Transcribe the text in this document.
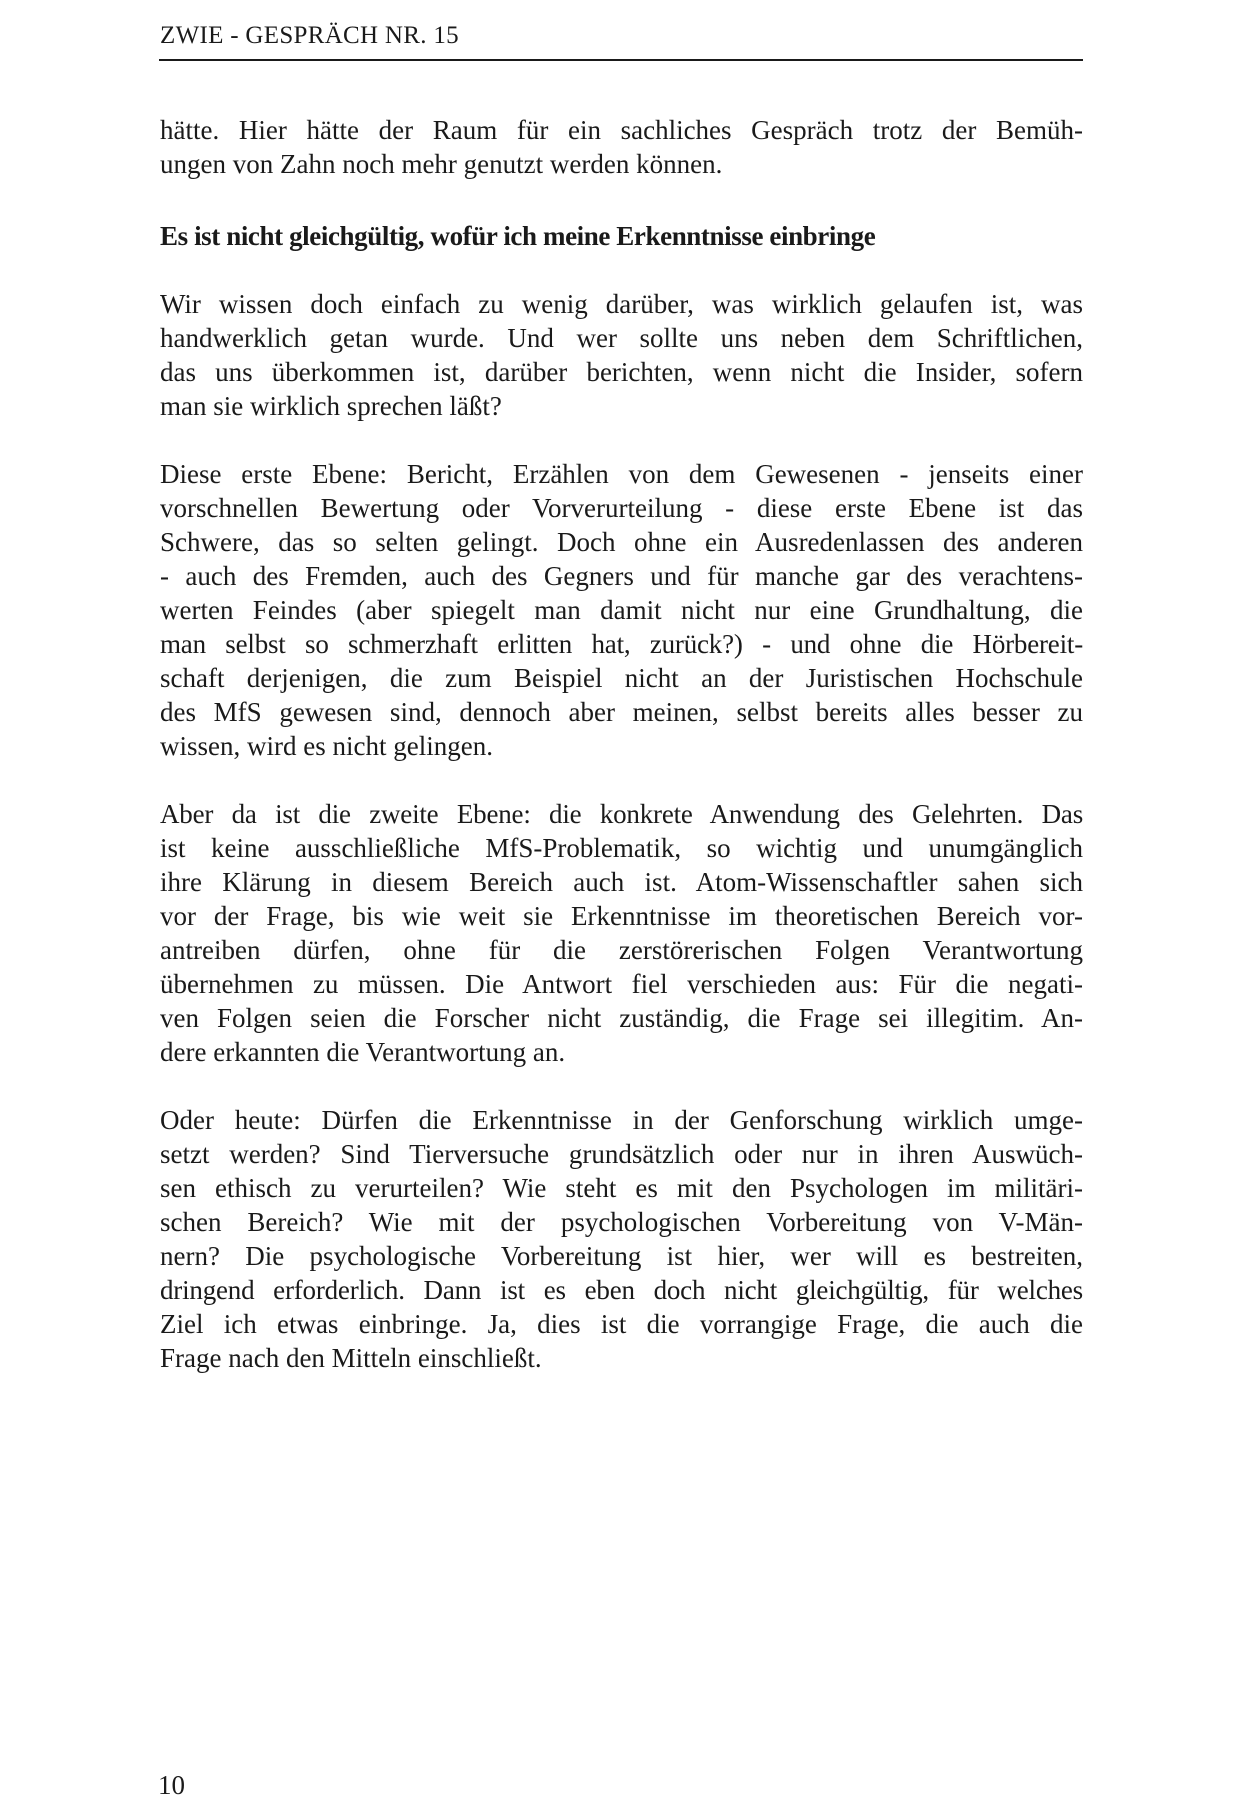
ZWIE - GESPRÄCH NR. 15
hätte. Hier hätte der Raum für ein sachliches Gespräch trotz der Bemüh-
ungen von Zahn noch mehr genutzt werden können.
Es ist nicht gleichgültig, wofür ich meine Erkenntnisse einbringe
Wir wissen doch einfach zu wenig darüber, was wirklich gelaufen ist, was
handwerklich getan wurde. Und wer sollte uns neben dem Schriftlichen,
das uns überkommen ist, darüber berichten, wenn nicht die Insider, sofern
man sie wirklich sprechen läßt?
Diese erste Ebene: Bericht, Erzählen von dem Gewesenen - jenseits einer
vorschnellen Bewertung oder Vorverurteilung - diese erste Ebene ist das
Schwere, das so selten gelingt. Doch ohne ein Ausredenlassen des anderen
- auch des Fremden, auch des Gegners und für manche gar des verachtens-
werten Feindes (aber spiegelt man damit nicht nur eine Grundhaltung, die
man selbst so schmerzhaft erlitten hat, zurück?) - und ohne die Hörbereit-
schaft derjenigen, die zum Beispiel nicht an der Juristischen Hochschule
des MfS gewesen sind, dennoch aber meinen, selbst bereits alles besser zu
wissen, wird es nicht gelingen.
Aber da ist die zweite Ebene: die konkrete Anwendung des Gelehrten. Das
ist keine ausschließliche MfS-Problematik, so wichtig und unumgänglich
ihre Klärung in diesem Bereich auch ist. Atom-Wissenschaftler sahen sich
vor der Frage, bis wie weit sie Erkenntnisse im theoretischen Bereich vor-
antreiben dürfen, ohne für die zerstörerischen Folgen Verantwortung
übernehmen zu müssen. Die Antwort fiel verschieden aus: Für die negati-
ven Folgen seien die Forscher nicht zuständig, die Frage sei illegitim. An-
dere erkannten die Verantwortung an.
Oder heute: Dürfen die Erkenntnisse in der Genforschung wirklich umge-
setzt werden? Sind Tierversuche grundsätzlich oder nur in ihren Auswüch-
sen ethisch zu verurteilen? Wie steht es mit den Psychologen im militäri-
schen Bereich? Wie mit der psychologischen Vorbereitung von V-Män-
nern? Die psychologische Vorbereitung ist hier, wer will es bestreiten,
dringend erforderlich. Dann ist es eben doch nicht gleichgültig, für welches
Ziel ich etwas einbringe. Ja, dies ist die vorrangige Frage, die auch die
Frage nach den Mitteln einschließt.
10
